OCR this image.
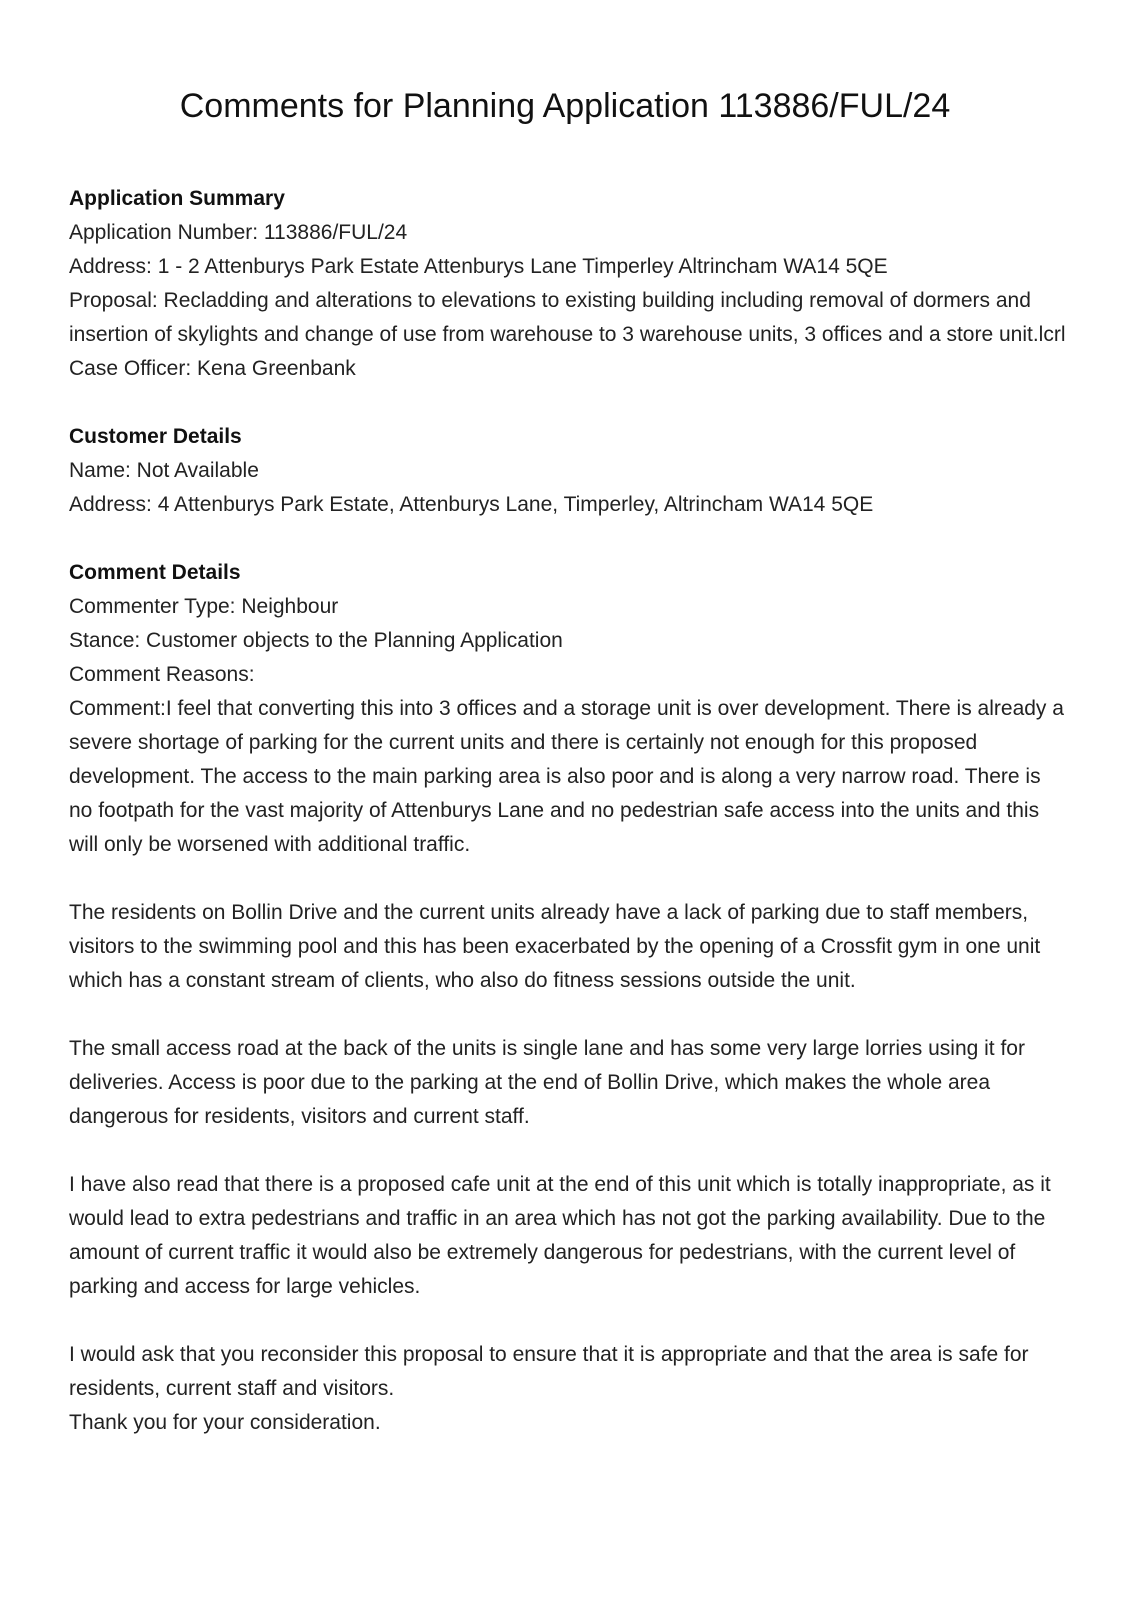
Comments for Planning Application 113886/FUL/24

Application Summary

Application Number: 113886/FUL/24

Address: 1 - 2 Attenburys Park Estate Attenburys Lane Timperley Altrincham WA14 5QE

Proposal: Recladding and alterations to elevations to existing building including removal of dormers and insertion of skylights and change of use from warehouse to 3 warehouse units, 3 offices and a store unit.lcrl

Case Officer: Kena Greenbank

Customer Details

Name: Not Available

Address: 4 Attenburys Park Estate, Attenburys Lane, Timperley, Altrincham WA14 5QE

Comment Details

Commenter Type: Neighbour

Stance: Customer objects to the Planning Application

Comment Reasons:

Comment:I feel that converting this into 3 offices and a storage unit is over development. There is already a severe shortage of parking for the current units and there is certainly not enough for this proposed development. The access to the main parking area is also poor and is along a very narrow road. There is no footpath for the vast majority of Attenburys Lane and no pedestrian safe access into the units and this will only be worsened with additional traffic.

The residents on Bollin Drive and the current units already have a lack of parking due to staff members, visitors to the swimming pool and this has been exacerbated by the opening of a Crossfit gym in one unit which has a constant stream of clients, who also do fitness sessions outside the unit.

The small access road at the back of the units is single lane and has some very large lorries using it for deliveries. Access is poor due to the parking at the end of Bollin Drive, which makes the whole area dangerous for residents, visitors and current staff.

I have also read that there is a proposed cafe unit at the end of this unit which is totally inappropriate, as it would lead to extra pedestrians and traffic in an area which has not got the parking availability. Due to the amount of current traffic it would also be extremely dangerous for pedestrians, with the current level of parking and access for large vehicles.

I would ask that you reconsider this proposal to ensure that it is appropriate and that the area is safe for residents, current staff and visitors.

Thank you for your consideration.
